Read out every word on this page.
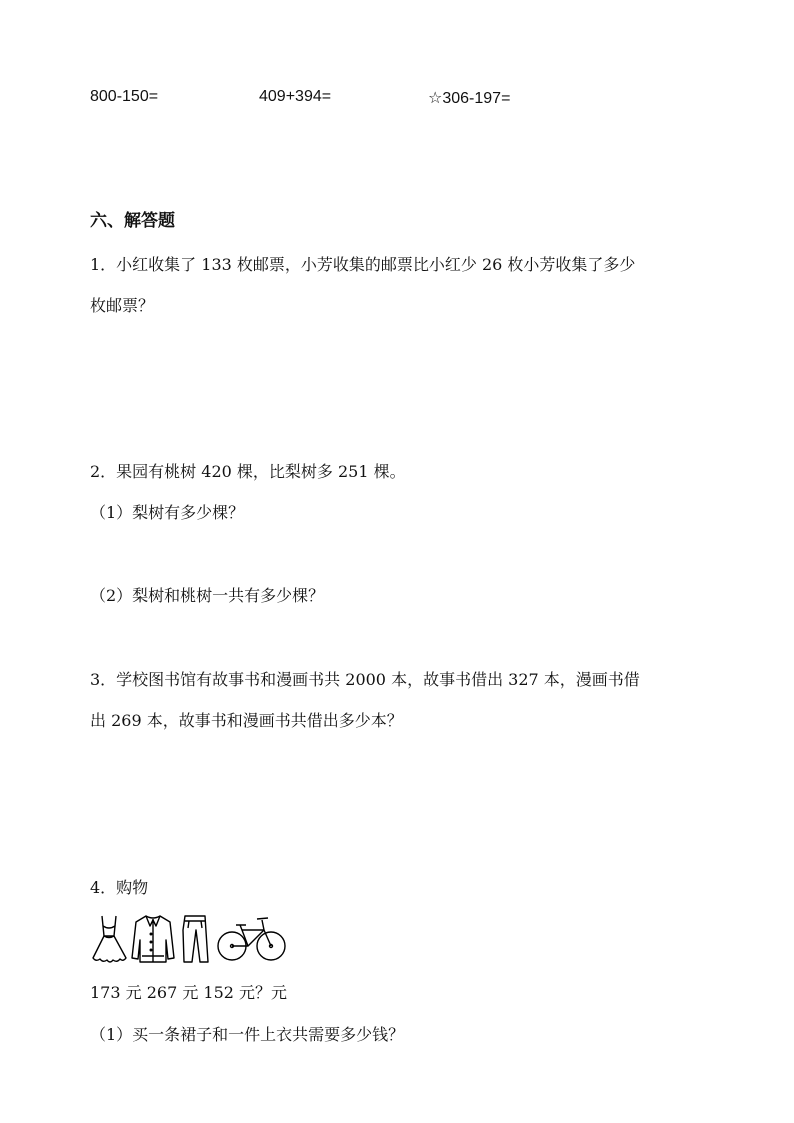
800-150=	409+394=	☆306-197=
六、解答题
1．小红收集了 133 枚邮票，小芳收集的邮票比小红少 26 枚小芳收集了多少
枚邮票？
2．果园有桃树 420 棵，比梨树多 251 棵。
（1）梨树有多少棵？
（2）梨树和桃树一共有多少棵？
3．学校图书馆有故事书和漫画书共 2000 本，故事书借出 327 本，漫画书借
出 269 本，故事书和漫画书共借出多少本？
4．购物
173 元 267 元 152 元？元
（1）买一条裙子和一件上衣共需要多少钱？
